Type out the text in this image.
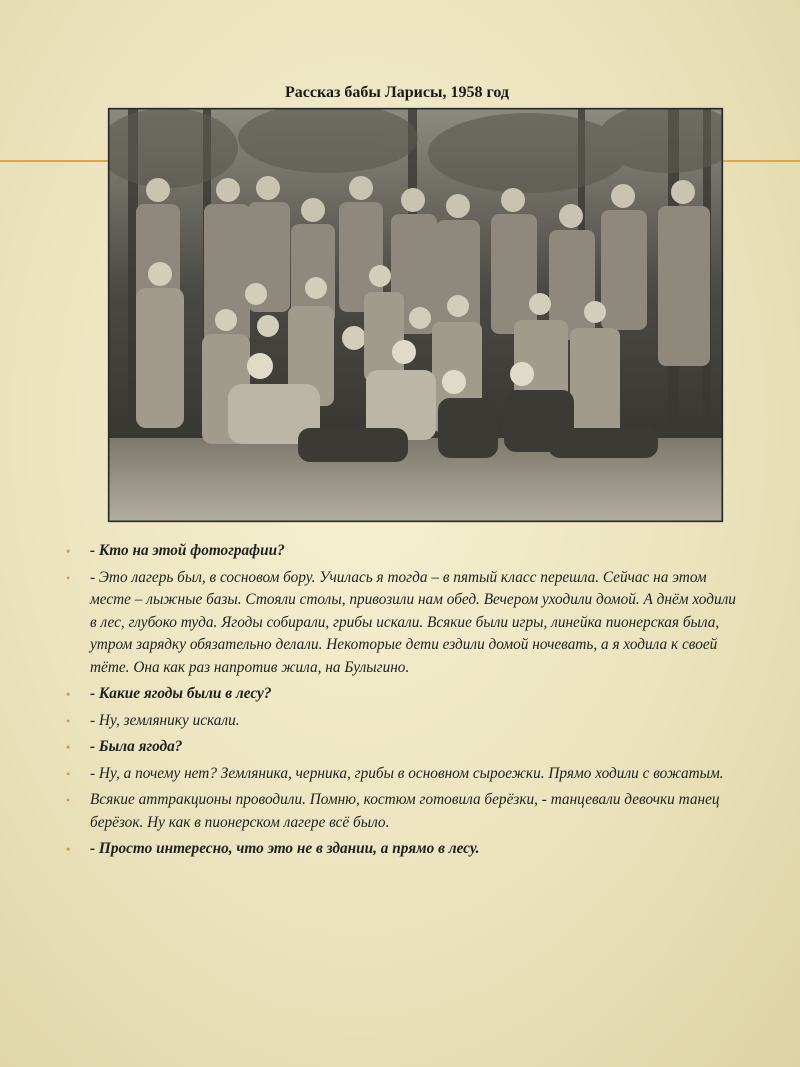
Рассказ бабы Ларисы, 1958 год
• - Кто на этой фотографии?
• - Это лагерь был, в сосновом бору. Училась я тогда – в пятый класс перешла. Сейчас на этом месте – лыжные базы. Стояли столы, привозили нам обед. Вечером уходили домой. А днём ходили в лес, глубоко туда. Ягоды собирали, грибы искали. Всякие были игры, линейка пионерская была, утром зарядку обязательно делали. Некоторые дети ездили домой ночевать, а я ходила к своей тёте. Она как раз напротив жила, на Булыгино.
• - Какие ягоды были в лесу?
• - Ну, землянику искали.
• - Была ягода?
• - Ну, а почему нет? Земляника, черника, грибы в основном сыроежки. Прямо ходили с вожатым.
• Всякие аттракционы проводили. Помню, костюм готовила берёзки, - танцевали девочки танец берёзок. Ну как в пионерском лагере всё было.
• - Просто интересно, что это не в здании, а прямо в лесу.
